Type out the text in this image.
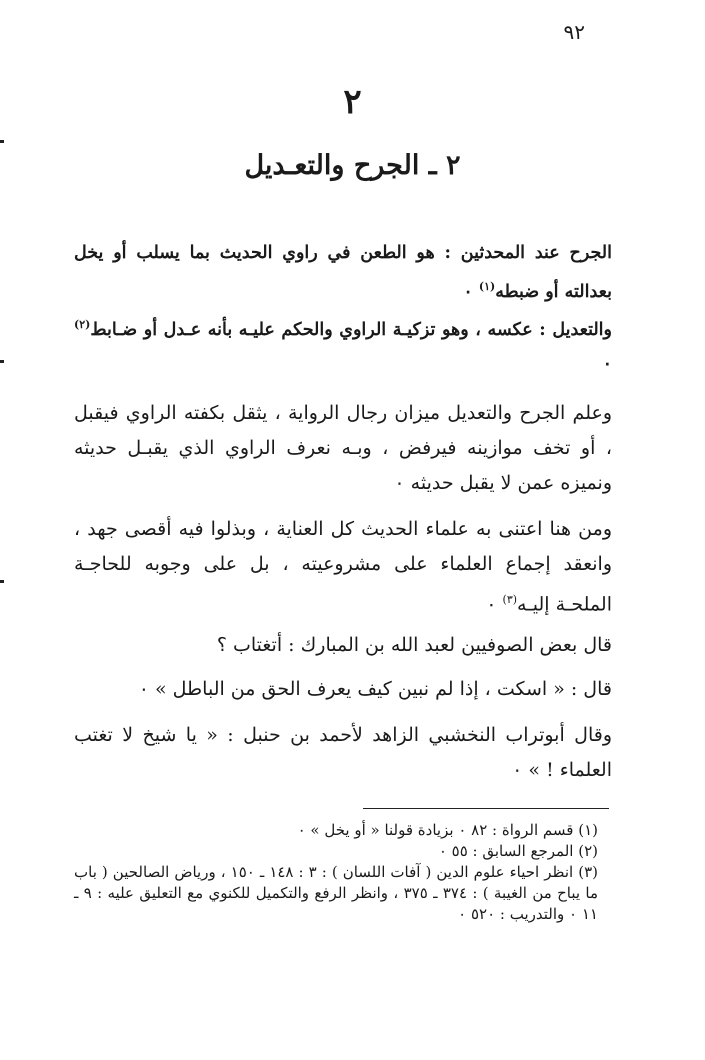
٩٢
٢
٢ ـ الجرح والتعـديل
الجرح عند المحدثين : هو الطعن في راوي الحديث بما يسلب أو يخل بعدالته أو ضبطه$^{(١)}$ ٠
والتعديل : عكسه ، وهو تزكيـة الراوي والحكم عليـه بأنه عـدل أو ضـابط$^{(٢)}$ ٠
وعلم الجرح والتعديل ميزان رجال الرواية ، يثقل بكفته الراوي فيقبل ، أو تخف موازينه فيرفض ، وبـه نعرف الراوي الذي يقبـل حديثه ونميزه عمن لا يقبل حديثه ٠
ومن هنا اعتنى به علماء الحديث كل العناية ، وبذلوا فيه أقصى جهد ، وانعقد إجماع العلماء على مشروعيته ، بل على وجوبه للحاجـة الملحـة إليـه$^{(٣)}$ ٠
قال بعض الصوفيين لعبد الله بن المبارك : أتغتاب ؟
قال : « اسكت ، إذا لم نبين كيف يعرف الحق من الباطل » ٠
وقال أبوتراب النخشبي الزاهد لأحمد بن حنبل : « يا شيخ لا تغتب العلماء ! » ٠
(١) قسم الرواة : ٨٢ ٠ بزيادة قولنا « أو يخل » ٠
(٢) المرجع السابق : ٥٥ ٠
(٣) انظر احياء علوم الدين ( آفات اللسان ) : ٣ : ١٤٨ ـ ١٥٠ ، ورياض الصالحين ( باب ما يباح من الغيبة ) : ٣٧٤ ـ ٣٧٥ ، وانظر الرفع والتكميل للكنوي مع التعليق عليه : ٩ ـ ١١ ٠ والتدريب : ٥٢٠ ٠
